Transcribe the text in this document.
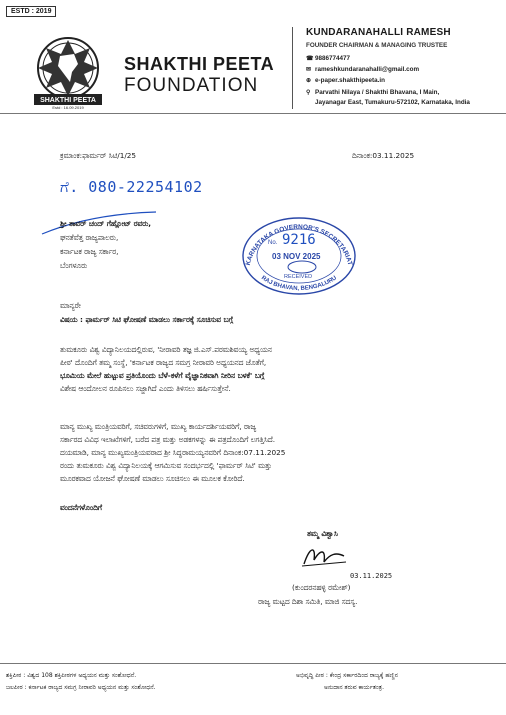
ESTD : 2019
SHAKTHI PEETA
Estd : 16.09.2019
SHAKTHI PEETA
FOUNDATION
KUNDARANAHALLI RAMESH
FOUNDER CHAIRMAN & MANAGING TRUSTEE
☎ 9886774477
✉ rameshkundaranahalli@gmail.com
⊕ e-paper.shakthipeeta.in
⚲ Parvathi Nilaya / Shakthi Bhavana, I Main,
Jayanagar East, Tumakuru-572102, Karnataka, India
ಕ್ರಮಾಂಕ:ಫಾರ್ಮರ್ ಸಿಟಿ/1/25	ದಿನಾಂಕ:03.11.2025
ಗೆ. 080-22254102
ಶ್ರೀ ತಾವರ್ ಚಂದ್ ಗೆಹ್ಲೋಟ್ ರವರು,
ಘನತೆವೆತ್ತ ರಾಜ್ಯಪಾಲರು,
ಕರ್ನಾಟಕ ರಾಜ್ಯ ಸರ್ಕಾರ,
ಬೆಂಗಳೂರು	KARNATAKA GOVERNOR'S SECRETARIAT
RAJ BHAVAN, BENGALURU
No. 9216
03 NOV 2025
RECEIVED
ಮಾನ್ಯರೇ
ವಿಷಯ : ಫಾರ್ಮರ್ ಸಿಟಿ ಘೋಷಣೆ ಮಾಡಲು ಸರ್ಕಾರಕ್ಕೆ ಸೂಚಿಸುವ ಬಗ್ಗೆ
ತುಮಕೂರು ವಿಶ್ವ ವಿದ್ಯಾನಿಲಯದಲ್ಲಿರುವ, 'ನೀರಾವರಿ ತಜ್ಞ ಜಿ.ಎಸ್.ಪರಮಶಿವಯ್ಯ ಅಧ್ಯಯನ
ಪೀಠ' ದೊಂದಿಗೆ ತಮ್ಮ ಸಂಸ್ಥೆ, 'ಕರ್ನಾಟಕ ರಾಜ್ಯದ ಸಮಗ್ರ ನೀರಾವರಿ ಅಧ್ಯಯನದ ಜೊತೆಗೆ,
ಭೂಮಿಯ ಮೇಲೆ ಹುಟ್ಟುವ ಪ್ರತಿಯೊಂದು ಬೆಳೆ-ಕಳೆಗೆ ವೈಜ್ಞಾನಿಕವಾಗಿ ನೀರಿನ ಬಳಕೆ' ಬಗ್ಗೆ
ವಿಶೇಷ ಆಂದೋಲನ ರೂಪಿಸಲು ಸಜ್ಜಾಗಿದೆ ಎಂದು ತಿಳಿಸಲು ಹರ್ಷಿಸುತ್ತೇನೆ.
ಮಾನ್ಯ ಮುಖ್ಯ ಮಂತ್ರಿಯವರಿಗೆ, ಸಚಿವರುಗಳಿಗೆ, ಮುಖ್ಯ ಕಾರ್ಯದರ್ಶಿಯವರಿಗೆ, ರಾಜ್ಯ
ಸರ್ಕಾರದ ವಿವಿಧ ಇಲಾಖೆಗಳಿಗೆ, ಬರೆದ ಪತ್ರ ಮತ್ತು ಅಡಕಗಳನ್ನು ಈ ಪತ್ರದೊಂದಿಗೆ ಲಗತ್ತಿಸಿದೆ.
ದಯಮಾಡಿ, ಮಾನ್ಯ ಮುಖ್ಯಮಂತ್ರಿಯವರಾದ ಶ್ರೀ ಸಿದ್ಧರಾಮಯ್ಯನವರಿಗೆ ದಿನಾಂಕ:07.11.2025
ರಂದು ತುಮಕೂರು ವಿಶ್ವ ವಿದ್ಯಾನಿಲಯಕ್ಕೆ ಆಗಮಿಸುವ ಸಂದರ್ಭದಲ್ಲಿ 'ಫಾರ್ಮರ್ ಸಿಟಿ' ಮತ್ತು
ಮೂರಕವಾದ ಯೋಜನೆ ಘೋಷಣೆ ಮಾಡಲು ಸೂಚಿಸಲು ಈ ಮೂಲಕ ಕೋರಿದೆ.
ವಂದನೆಗಳೊಂದಿಗೆ
ತಮ್ಮ ವಿಶ್ವಾಸಿ
03.11.2025
(ಕುಂದರನಹಳ್ಳಿ ರಮೇಶ್)
ರಾಜ್ಯ ಮಟ್ಟದ ದಿಶಾ ಸಮಿತಿ, ಮಾಜಿ ಸದಸ್ಯ.
ಶಕ್ತಿಪೀಠ : ವಿಶ್ವದ 108 ಶಕ್ತಿಪೀಠಗಳ ಅಧ್ಯಯನ ಮತ್ತು ಸಂಶೋಧನೆ.
ಜಲಪೀಠ : ಕರ್ನಾಟಕ ರಾಜ್ಯದ ಸಮಗ್ರ ನೀರಾವರಿ ಅಧ್ಯಯನ ಮತ್ತು ಸಂಶೋಧನೆ.
ಅಭಿವೃದ್ಧಿ ಪೀಠ : ಕೇಂದ್ರ ಸರ್ಕಾರದಿಂದ ರಾಜ್ಯಕ್ಕೆ ಹಣ್ಣಿನ
ಅನುದಾನ ತರುವ ಕಾರ್ಯತಂತ್ರ.
